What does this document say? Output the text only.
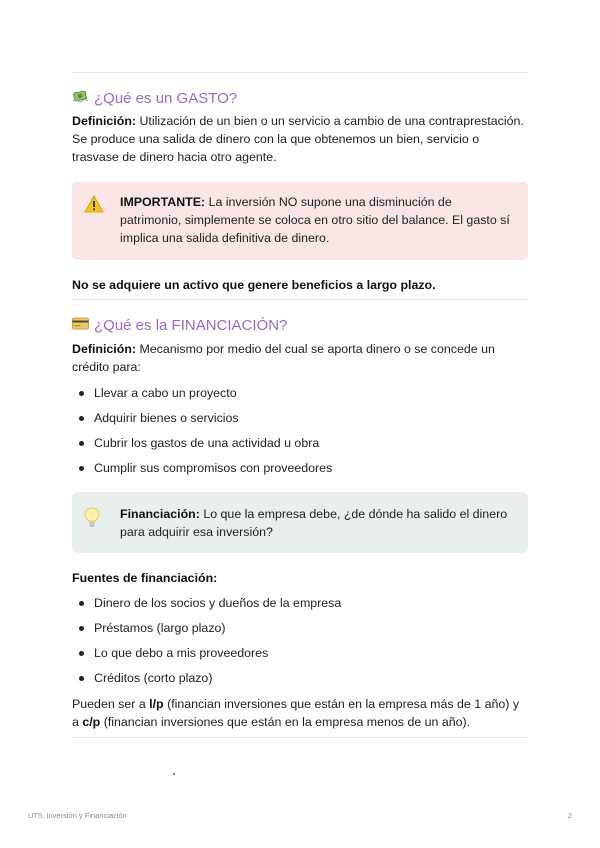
¿Qué es un GASTO?

Definición: Utilización de un bien o un servicio a cambio de una contraprestación. Se produce una salida de dinero con la que obtenemos un bien, servicio o trasvase de dinero hacia otro agente.

IMPORTANTE: La inversión NO supone una disminución de patrimonio, simplemente se coloca en otro sitio del balance. El gasto sí implica una salida definitiva de dinero.

No se adquiere un activo que genere beneficios a largo plazo.

¿Qué es la FINANCIACIÓN?

Definición: Mecanismo por medio del cual se aporta dinero o se concede un crédito para:

Llevar a cabo un proyecto
Adquirir bienes o servicios
Cubrir los gastos de una actividad u obra
Cumplir sus compromisos con proveedores
Financiación: Lo que la empresa debe, ¿de dónde ha salido el dinero para adquirir esa inversión?

Fuentes de financiación:

Dinero de los socios y dueños de la empresa
Préstamos (largo plazo)
Lo que debo a mis proveedores
Créditos (corto plazo)

Pueden ser a l/p (financian inversiones que están en la empresa más de 1 año) y a c/p (financian inversiones que están en la empresa menos de un año).

UT5. Inversión y Financiación	2
